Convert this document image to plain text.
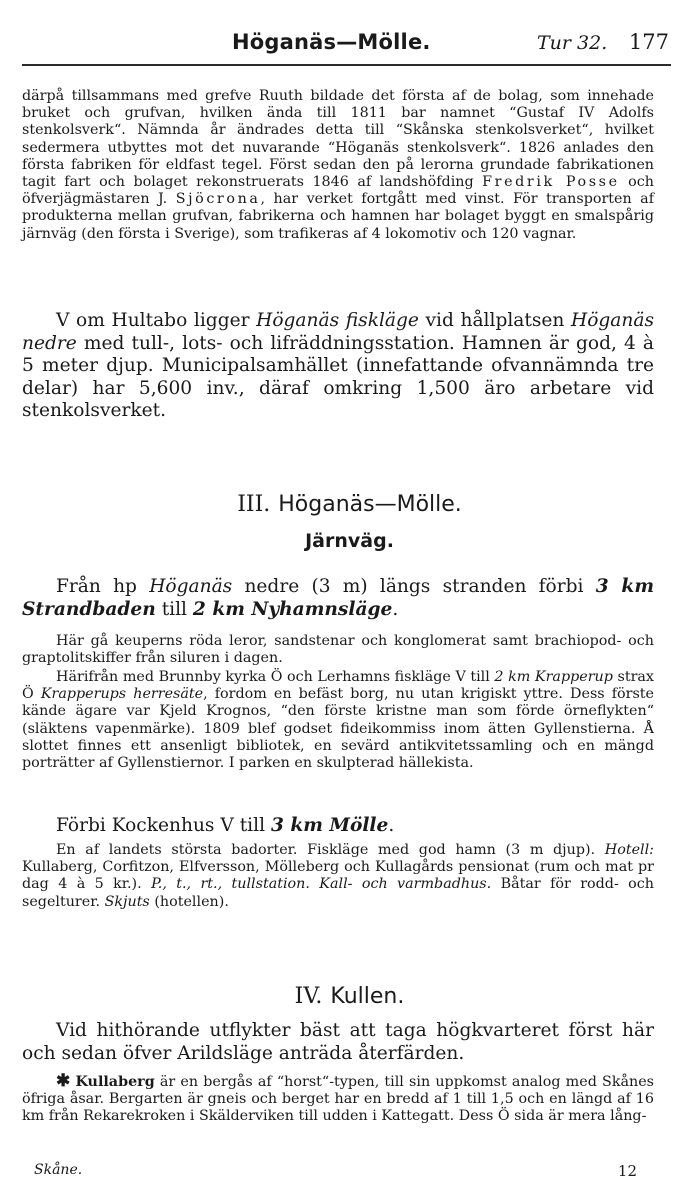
Höganäs—Mölle.	Tur 32. 177

därpå tillsammans med grefve Ruuth bildade det första af de bolag, som innehade bruket och grufvan, hvilken ända till 1811 bar namnet “Gustaf IV Adolfs stenkolsverk“. Nämnda år ändrades detta till “Skånska stenkolsverket“, hvilket sedermera utbyttes mot det nuvarande “Höganäs stenkolsverk“. 1826 anlades den första fabriken för eldfast tegel. Först sedan den på lerorna grundade fabrikationen tagit fart och bolaget rekonstruerats 1846 af landshöfding Fredrik Posse och öfverjägmästaren J. Sjöcrona, har verket fortgått med vinst. För transporten af produkterna mellan grufvan, fabrikerna och hamnen har bolaget byggt en smalspårig järnväg (den första i Sverige), som trafikeras af 4 lokomotiv och 120 vagnar.

V om Hultabo ligger Höganäs fiskläge vid hållplatsen Höganäs nedre med tull-, lots- och lifräddningsstation. Hamnen är god, 4 à 5 meter djup. Municipalsamhället (innefattande ofvannämnda tre delar) har 5,600 inv., däraf omkring 1,500 äro arbetare vid stenkolsverket.

III. Höganäs—Mölle.
Järnväg.

Från hp Höganäs nedre (3 m) längs stranden förbi 3 km Strandbaden till 2 km Nyhamnsläge.

Här gå keuperns röda leror, sandstenar och konglomerat samt brachiopod- och graptolitskiffer från siluren i dagen.

Härifrån med Brunnby kyrka Ö och Lerhamns fiskläge V till 2 km Krapperup strax Ö Krapperups herresäte, fordom en befäst borg, nu utan krigiskt yttre. Dess förste kände ägare var Kjeld Krognos, “den förste kristne man som förde örneflykten“ (släktens vapenmärke). 1809 blef godset fideikommiss inom ätten Gyllenstierna. Å slottet finnes ett ansenligt bibliotek, en sevärd antikvitetssamling och en mängd porträtter af Gyllenstiernor. I parken en skulpterad hällekista.

Förbi Kockenhus V till 3 km Mölle.

En af landets största badorter. Fiskläge med god hamn (3 m djup). Hotell: Kullaberg, Corfitzon, Elfversson, Mölleberg och Kullagårds pensionat (rum och mat pr dag 4 à 5 kr.). P., t., rt., tullstation. Kall- och varmbadhus. Båtar för rodd- och segelturer. Skjuts (hotellen).

IV. Kullen.

Vid hithörande utflykter bäst att taga högkvarteret först här och sedan öfver Arildsläge anträda återfärden.

✱ Kullaberg är en bergås af “horst“-typen, till sin uppkomst analog med Skånes öfriga åsar. Bergarten är gneis och berget har en bredd af 1 till 1,5 och en längd af 16 km från Rekarekroken i Skälderviken till udden i Kattegatt. Dess Ö sida är mera lång-

Skåne.	12
